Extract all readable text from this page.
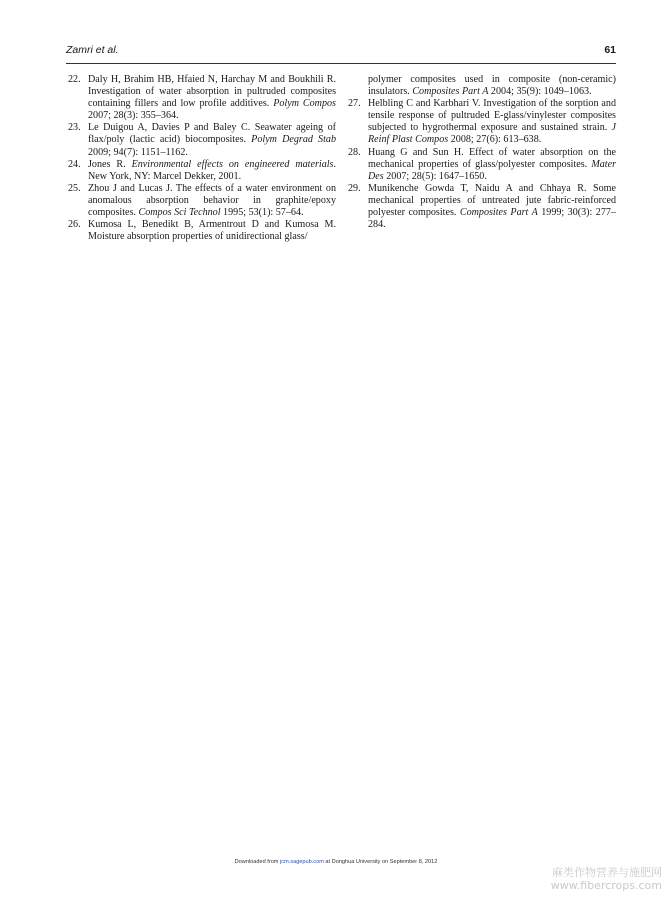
Zamri et al.	61

22. Daly H, Brahim HB, Hfaied N, Harchay M and Boukhili R. Investigation of water absorption in pultruded composites containing fillers and low profile additives. Polym Compos 2007; 28(3): 355–364.

23. Le Duigou A, Davies P and Baley C. Seawater ageing of flax/poly (lactic acid) biocomposites. Polym Degrad Stab 2009; 94(7): 1151–1162.

24. Jones R. Environmental effects on engineered materials. New York, NY: Marcel Dekker, 2001.

25. Zhou J and Lucas J. The effects of a water environment on anomalous absorption behavior in graphite/epoxy composites. Compos Sci Technol 1995; 53(1): 57–64.

26. Kumosa L, Benedikt B, Armentrout D and Kumosa M. Moisture absorption properties of unidirectional glass/

polymer composites used in composite (non-ceramic) insulators. Composites Part A 2004; 35(9): 1049–1063.

27. Helbling C and Karbhari V. Investigation of the sorption and tensile response of pultruded E-glass/vinylester composites subjected to hygrothermal exposure and sustained strain. J Reinf Plast Compos 2008; 27(6): 613–638.

28. Huang G and Sun H. Effect of water absorption on the mechanical properties of glass/polyester composites. Mater Des 2007; 28(5): 1647–1650.

29. Munikenche Gowda T, Naidu A and Chhaya R. Some mechanical properties of untreated jute fabric-reinforced polyester composites. Composites Part A 1999; 30(3): 277–284.

Downloaded from jcm.sagepub.com at Donghua University on September 8, 2012
麻类作物营养与施肥网
www.fibercrops.com
